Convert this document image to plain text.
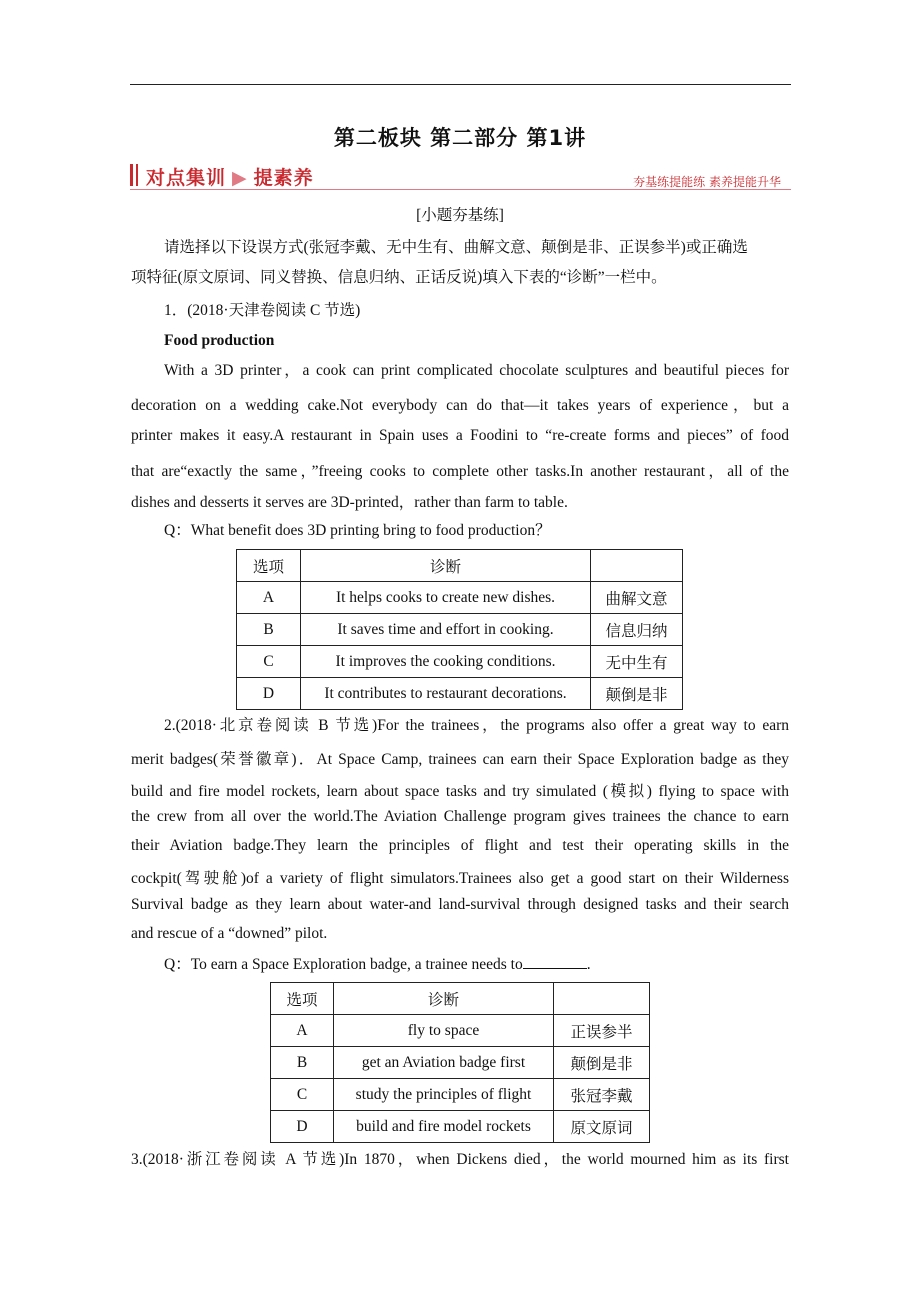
第二板块 第二部分 第1讲
对点集训 ▶ 提素养	夯基练提能练 素养提能升华
[小题夯基练]
请选择以下设误方式(张冠李戴、无中生有、曲解文意、颠倒是非、正误参半)或正确选
项特征(原文原词、同义替换、信息归纳、正话反说)填入下表的“诊断”一栏中。
1．(2018·天津卷阅读 C 节选)
Food production
With a 3D printer，a cook can print complicated chocolate sculptures and beautiful pieces for
decoration on a wedding cake.Not everybody can do that—it takes years of experience，but a
printer makes it easy.A restaurant in Spain uses a Foodini to “re-create forms and pieces” of food
that are“exactly the same，”freeing cooks to complete other tasks.In another restaurant，all of the
dishes and desserts it serves are 3D-printed，rather than farm to table.
Q：What benefit does 3D printing bring to food production？
选项	诊断	
A	It helps cooks to create new dishes.	曲解文意
B	It saves time and effort in cooking.	信息归纳
C	It improves the cooking conditions.	无中生有
D	It contributes to restaurant decorations.	颠倒是非
2.(2018·北京卷阅读 B 节选)For the trainees，the programs also offer a great way to earn
merit badges(荣誉徽章)．At Space Camp, trainees can earn their Space Exploration badge as they
build and fire model rockets, learn about space tasks and try simulated (模拟) flying to space with
the crew from all over the world.The Aviation Challenge program gives trainees the chance to earn
their Aviation badge.They learn the principles of flight and test their operating skills in the
cockpit(驾驶舱)of a variety of flight simulators.Trainees also get a good start on their Wilderness
Survival badge as they learn about water-and land-survival through designed tasks and their search
and rescue of a “downed” pilot.
Q：To earn a Space Exploration badge, a trainee needs to	.
选项	诊断	
A	fly to space	正误参半
B	get an Aviation badge first	颠倒是非
C	study the principles of flight	张冠李戴
D	build and fire model rockets	原文原词
3.(2018·浙江卷阅读 A 节选)In 1870，when Dickens died，the world mourned him as its first
